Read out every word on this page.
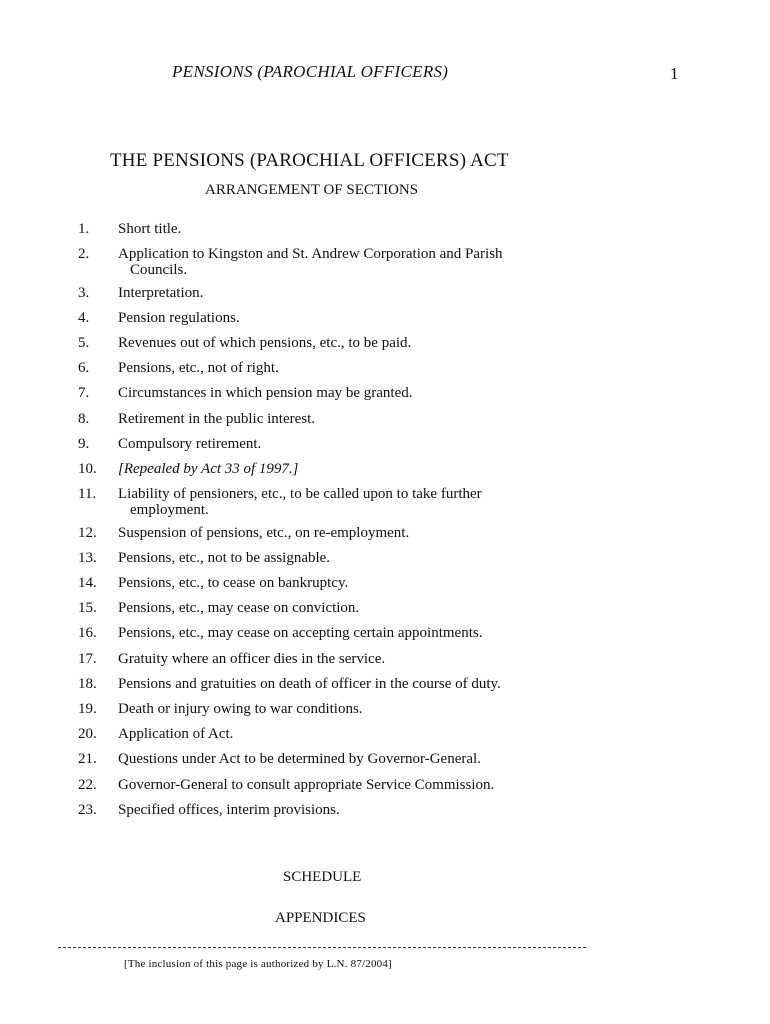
PENSIONS (PAROCHIAL OFFICERS)	1
THE PENSIONS (PAROCHIAL OFFICERS) ACT
ARRANGEMENT OF SECTIONS
1.	Short title.
2.	Application to Kingston and St. Andrew Corporation and Parish
Councils.
3.	Interpretation.
4.	Pension regulations.
5.	Revenues out of which pensions, etc., to be paid.
6.	Pensions, etc., not of right.
7.	Circumstances in which pension may be granted.
8.	Retirement in the public interest.
9.	Compulsory retirement.
10.	[Repealed by Act 33 of 1997.]
11.	Liability of pensioners, etc., to be called upon to take further
employment.
12.	Suspension of pensions, etc., on re-employment.
13.	Pensions, etc., not to be assignable.
14.	Pensions, etc., to cease on bankruptcy.
15.	Pensions, etc., may cease on conviction.
16.	Pensions, etc., may cease on accepting certain appointments.
17.	Gratuity where an officer dies in the service.
18.	Pensions and gratuities on death of officer in the course of duty.
19.	Death or injury owing to war conditions.
20.	Application of Act.
21.	Questions under Act to be determined by Governor-General.
22.	Governor-General to consult appropriate Service Commission.
23.	Specified offices, interim provisions.
SCHEDULE
APPENDICES
[The inclusion of this page is authorized by L.N. 87/2004]
